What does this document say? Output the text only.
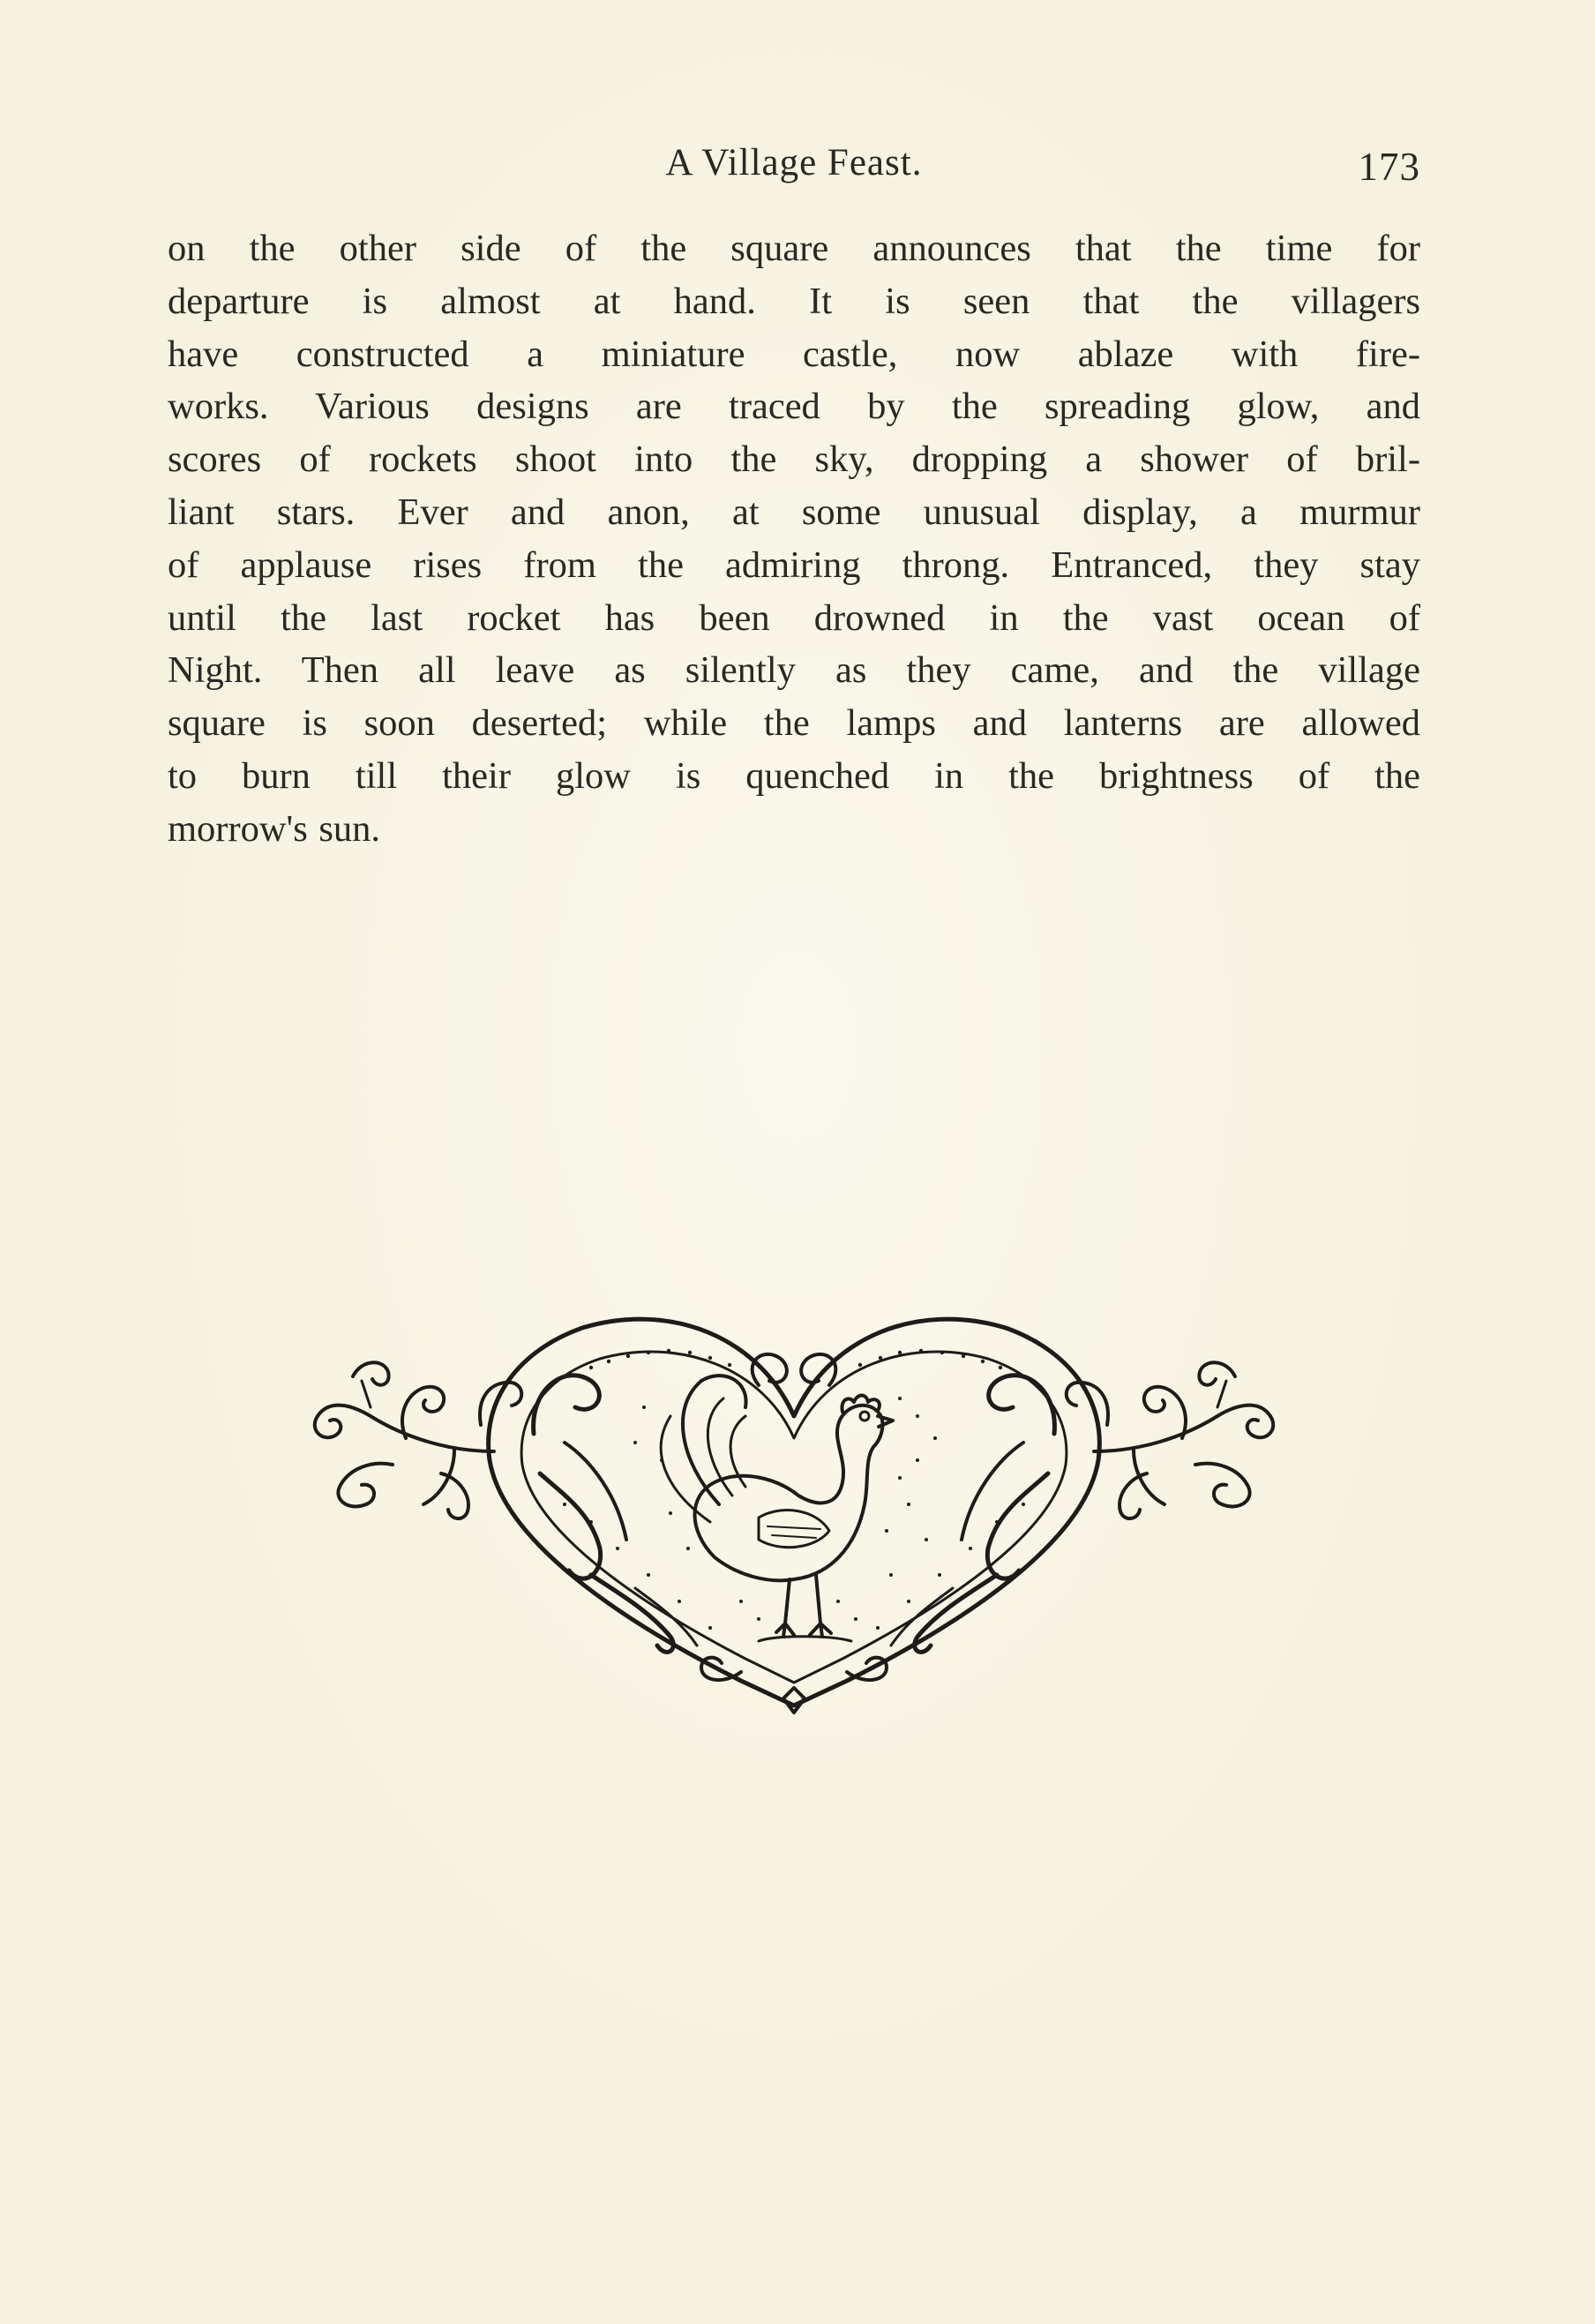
A Village Feast.	173

on the other side of the square announces that the time for
departure is almost at hand. It is seen that the villagers
have constructed a miniature castle, now ablaze with fire-
works. Various designs are traced by the spreading glow, and
scores of rockets shoot into the sky, dropping a shower of bril-
liant stars. Ever and anon, at some unusual display, a murmur
of applause rises from the admiring throng. Entranced, they stay
until the last rocket has been drowned in the vast ocean of
Night. Then all leave as silently as they came, and the village
square is soon deserted; while the lamps and lanterns are allowed
to burn till their glow is quenched in the brightness of the
morrow's sun.
